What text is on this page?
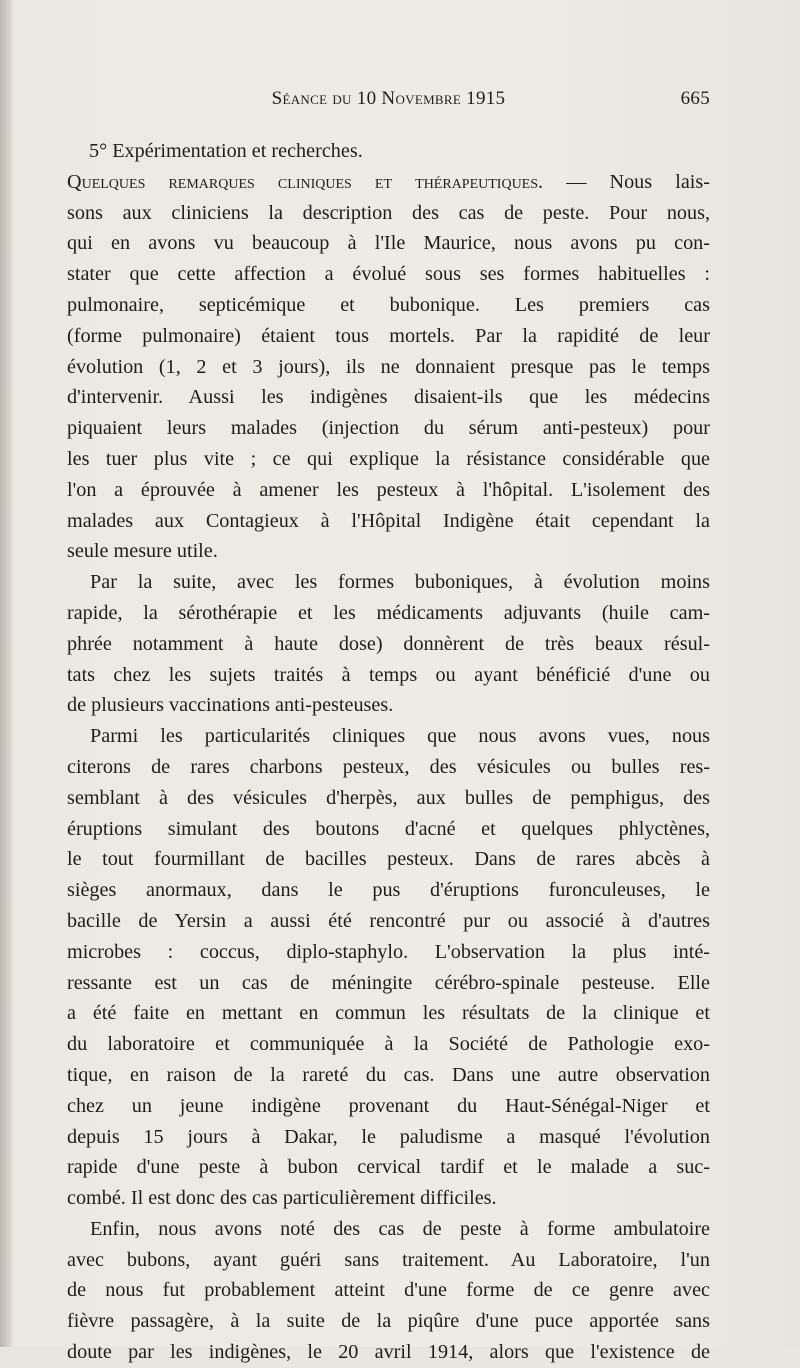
Séance du 10 Novembre 1915	665
5° Expérimentation et recherches.
Quelques remarques cliniques et thérapeutiques. — Nous lais-
sons aux cliniciens la description des cas de peste. Pour nous,
qui en avons vu beaucoup à l'Ile Maurice, nous avons pu con-
stater que cette affection a évolué sous ses formes habituelles :
pulmonaire, septicémique et bubonique. Les premiers cas
(forme pulmonaire) étaient tous mortels. Par la rapidité de leur
évolution (1, 2 et 3 jours), ils ne donnaient presque pas le temps
d'intervenir. Aussi les indigènes disaient-ils que les médecins
piquaient leurs malades (injection du sérum anti-pesteux) pour
les tuer plus vite ; ce qui explique la résistance considérable que
l'on a éprouvée à amener les pesteux à l'hôpital. L'isolement des
malades aux Contagieux à l'Hôpital Indigène était cependant la
seule mesure utile.
Par la suite, avec les formes buboniques, à évolution moins
rapide, la sérothérapie et les médicaments adjuvants (huile cam-
phrée notamment à haute dose) donnèrent de très beaux résul-
tats chez les sujets traités à temps ou ayant bénéficié d'une ou
de plusieurs vaccinations anti-pesteuses.
Parmi les particularités cliniques que nous avons vues, nous
citerons de rares charbons pesteux, des vésicules ou bulles res-
semblant à des vésicules d'herpès, aux bulles de pemphigus, des
éruptions simulant des boutons d'acné et quelques phlyctènes,
le tout fourmillant de bacilles pesteux. Dans de rares abcès à
sièges anormaux, dans le pus d'éruptions furonculeuses, le
bacille de Yersin a aussi été rencontré pur ou associé à d'autres
microbes : coccus, diplo-staphylo. L'observation la plus inté-
ressante est un cas de méningite cérébro-spinale pesteuse. Elle
a été faite en mettant en commun les résultats de la clinique et
du laboratoire et communiquée à la Société de Pathologie exo-
tique, en raison de la rareté du cas. Dans une autre observation
chez un jeune indigène provenant du Haut-Sénégal-Niger et
depuis 15 jours à Dakar, le paludisme a masqué l'évolution
rapide d'une peste à bubon cervical tardif et le malade a suc-
combé. Il est donc des cas particulièrement difficiles.
Enfin, nous avons noté des cas de peste à forme ambulatoire
avec bubons, ayant guéri sans traitement. Au Laboratoire, l'un
de nous fut probablement atteint d'une forme de ce genre avec
fièvre passagère, à la suite de la piqûre d'une puce apportée sans
doute par les indigènes, le 20 avril 1914, alors que l'existence de
